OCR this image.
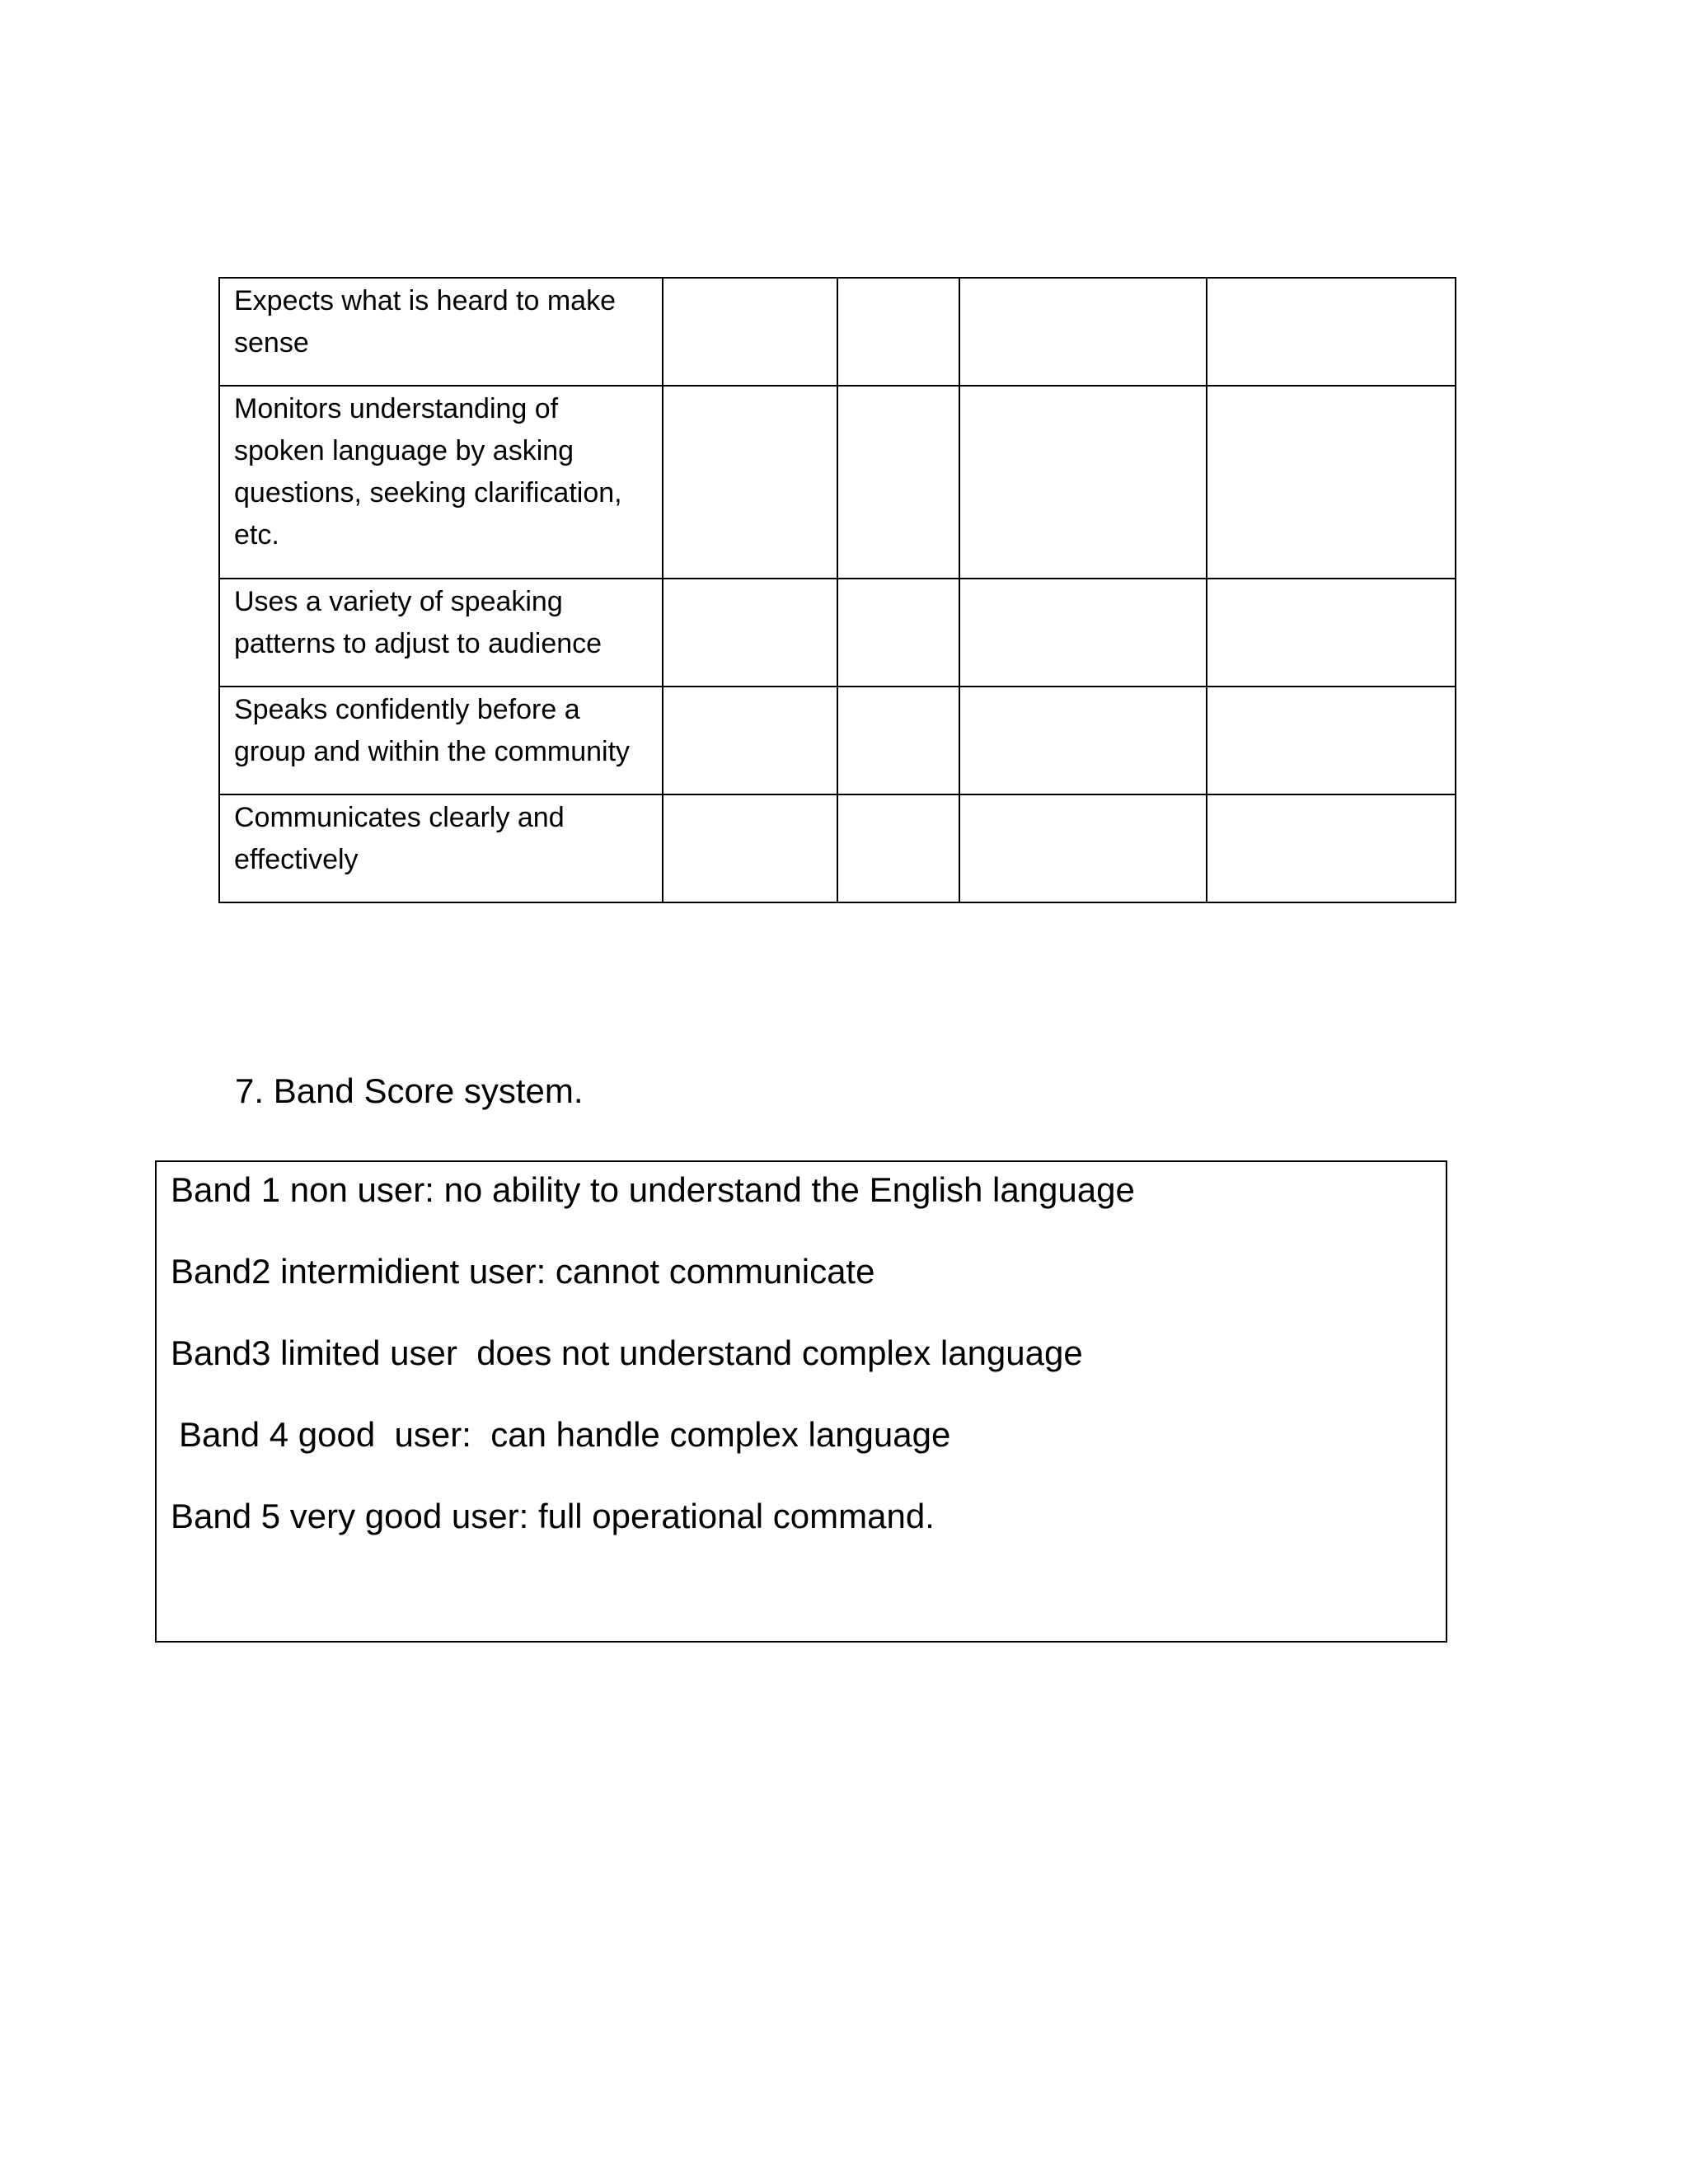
Expects what is heard to make
sense				
Monitors understanding of
spoken language by asking
questions, seeking clarification,
etc.				
Uses a variety of speaking
patterns to adjust to audience				
Speaks confidently before a
group and within the community				
Communicates clearly and
effectively				
7. Band Score system.
Band 1 non user: no ability to understand the English language
Band2 intermidient user: cannot communicate
Band3 limited user  does not understand complex language
Band 4 good  user:  can handle complex language
Band 5 very good user: full operational command.
